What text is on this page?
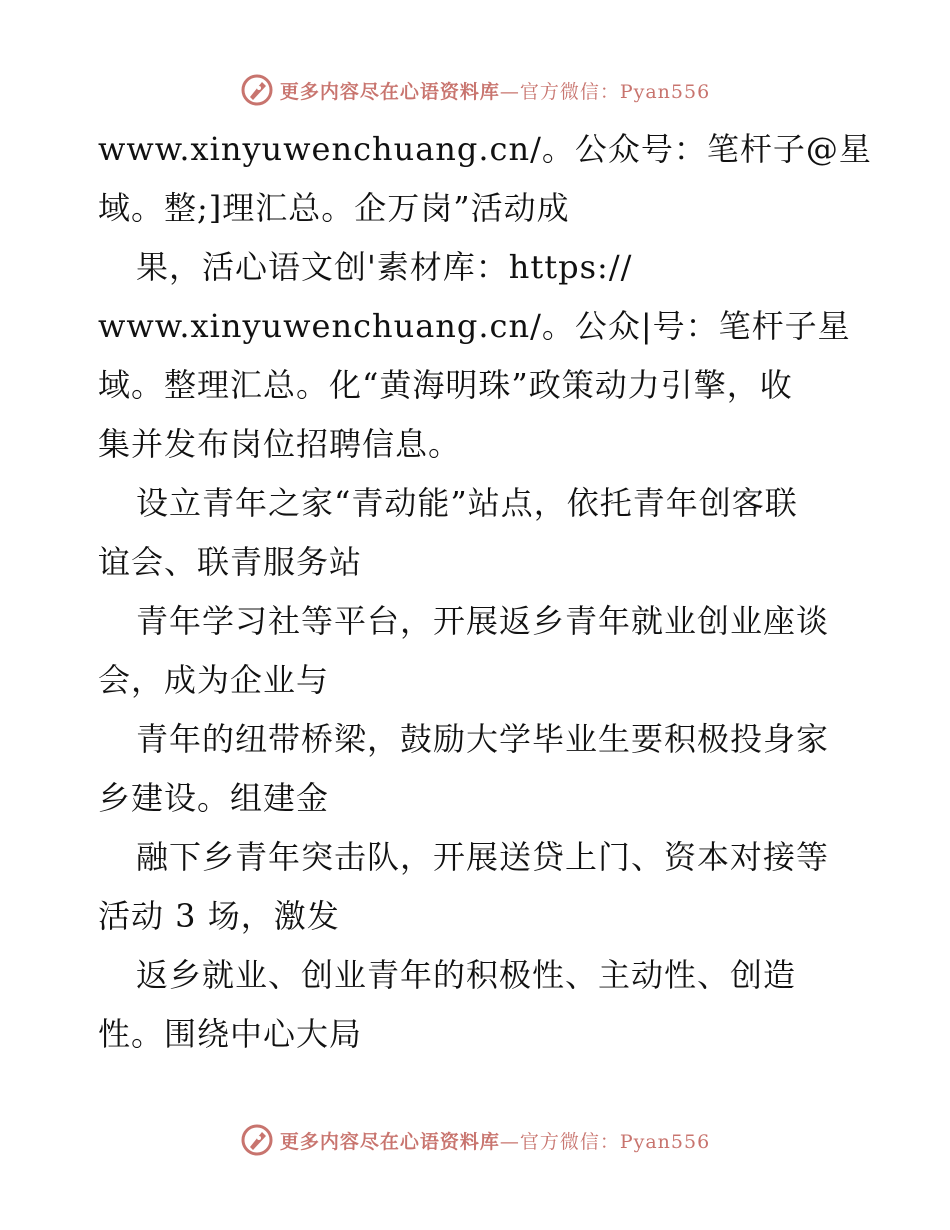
更多内容尽在心语资料库—官方微信：Pyan556
www.xinyuwenchuang.cn/。公众号：笔杆子@星
域。整;]理汇总。企万岗”活动成
果，活心语文创'素材库：https://
www.xinyuwenchuang.cn/。公众|号：笔杆子星
域。整理汇总。化“黄海明珠”政策动力引擎，收
集并发布岗位招聘信息。
设立青年之家“青动能”站点，依托青年创客联
谊会、联青服务站
青年学习社等平台，开展返乡青年就业创业座谈
会，成为企业与
青年的纽带桥梁，鼓励大学毕业生要积极投身家
乡建设。组建金
融下乡青年突击队，开展送贷上门、资本对接等
活动 3 场，激发
返乡就业、创业青年的积极性、主动性、创造
性。围绕中心大局
更多内容尽在心语资料库—官方微信：Pyan556
